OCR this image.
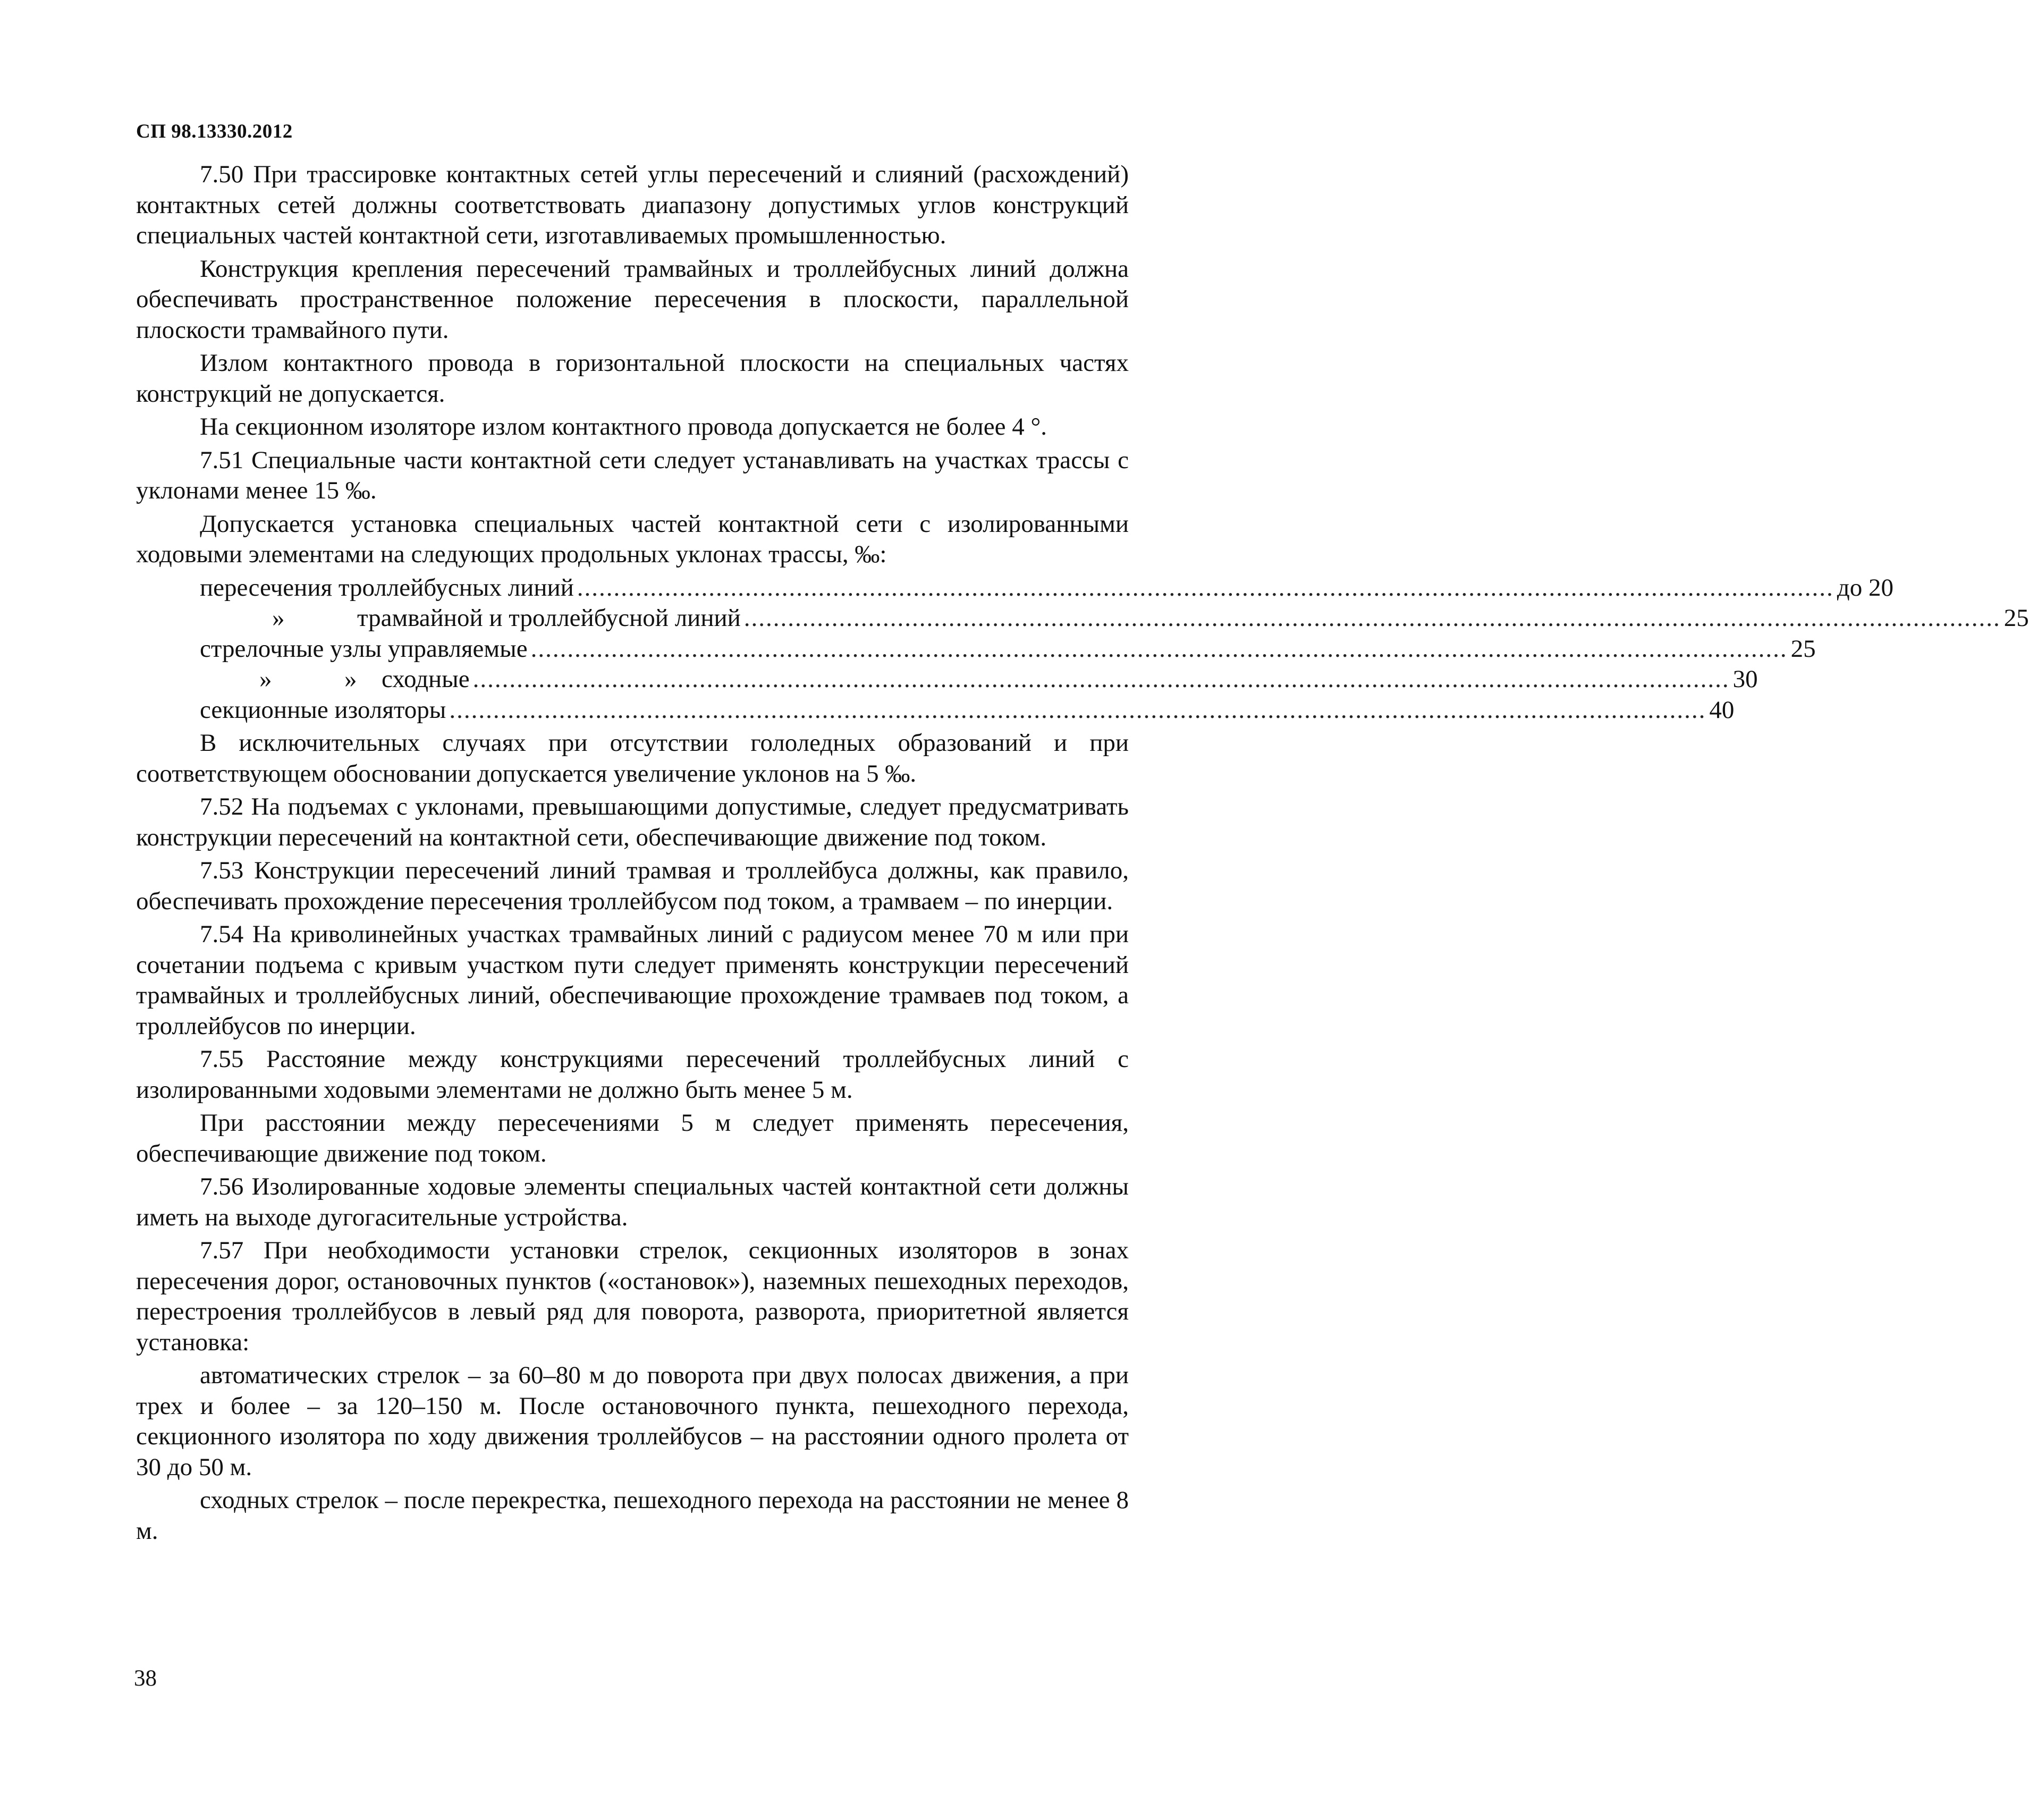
СП 98.13330.2012

7.50 При трассировке контактных сетей углы пересечений и слияний (расхождений) контактных сетей должны соответствовать диапазону допустимых углов конструкций специальных частей контактной сети, изготавливаемых промышленностью.

Конструкция крепления пересечений трамвайных и троллейбусных линий должна обеспечивать пространственное положение пересечения в плоскости, параллельной плоскости трамвайного пути.

Излом контактного провода в горизонтальной плоскости на специальных частях конструкций не допускается.

На секционном изоляторе излом контактного провода допускается не более 4 °.

7.51 Специальные части контактной сети следует устанавливать на участках трассы с уклонами менее 15 ‰.

Допускается установка специальных частей контактной сети с изолированными ходовыми элементами на следующих продольных уклонах трассы, ‰:

пересечения троллейбусных линий ............................................................................................................................................................................ до 20
»	трамвайной и троллейбусной линий ............................................................................................................................................................................ 25
стрелочные узлы управляемые ............................................................................................................................................................................ 25
»	» сходные ............................................................................................................................................................................ 30
секционные изоляторы ............................................................................................................................................................................ 40

В исключительных случаях при отсутствии гололедных образований и при соответствующем обосновании допускается увеличение уклонов на 5 ‰.

7.52 На подъемах с уклонами, превышающими допустимые, следует предусматривать конструкции пересечений на контактной сети, обеспечивающие движение под током.

7.53 Конструкции пересечений линий трамвая и троллейбуса должны, как правило, обеспечивать прохождение пересечения троллейбусом под током, а трамваем – по инерции.

7.54 На криволинейных участках трамвайных линий с радиусом менее 70 м или при сочетании подъема с кривым участком пути следует применять конструкции пересечений трамвайных и троллейбусных линий, обеспечивающие прохождение трамваев под током, а троллейбусов по инерции.

7.55 Расстояние между конструкциями пересечений троллейбусных линий с изолированными ходовыми элементами не должно быть менее 5 м.

При расстоянии между пересечениями 5 м следует применять пересечения, обеспечивающие движение под током.

7.56 Изолированные ходовые элементы специальных частей контактной сети должны иметь на выходе дугогасительные устройства.

7.57 При необходимости установки стрелок, секционных изоляторов в зонах пересечения дорог, остановочных пунктов («остановок»), наземных пешеходных переходов, перестроения троллейбусов в левый ряд для поворота, разворота, приоритетной является установка:

автоматических стрелок – за 60–80 м до поворота при двух полосах движения, а при трех и более – за 120–150 м. После остановочного пункта, пешеходного перехода, секционного изолятора по ходу движения троллейбусов – на расстоянии одного пролета от 30 до 50 м.

сходных стрелок – после перекрестка, пешеходного перехода на расстоянии не менее 8 м.

38
